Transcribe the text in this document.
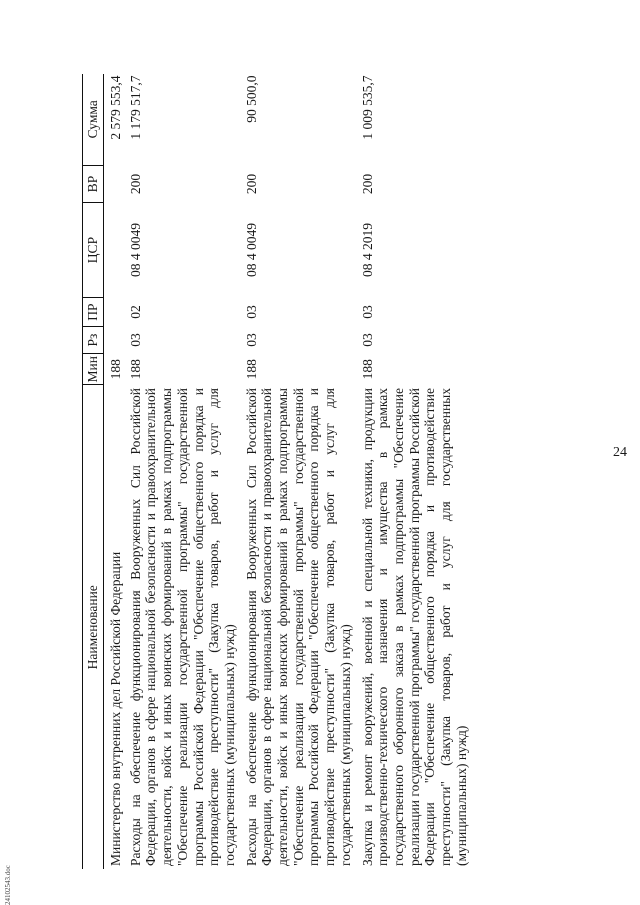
24102543.doc
24
Наименование	Мин	Рз	ПР	ЦСР	ВР	Сумма
Министерство внутренних дел Российской Федерации	188					2 579 553,4
Расходы на обеспечение функционирования Вооруженных Сил Российской Федерации, органов в сфере национальной безопасности и правоохранительной деятельности, войск и иных воинских формирований в рамках подпрограммы "Обеспечение реализации государственной программы" государственной программы Российской Федерации "Обеспечение общественного порядка и противодействие преступности" (Закупка товаров, работ и услуг для государственных (муниципальных) нужд)	188	03	02	08 4 0049	200	1 179 517,7

Расходы на обеспечение функционирования Вооруженных Сил Российской Федерации, органов в сфере национальной безопасности и правоохранительной деятельности, войск и иных воинских формирований в рамках подпрограммы "Обеспечение реализации государственной программы" государственной программы Российской Федерации "Обеспечение общественного порядка и противодействие преступности" (Закупка товаров, работ и услуг для государственных (муниципальных) нужд)	188	03	03	08 4 0049	200	90 500,0

Закупка и ремонт вооружений, военной и специальной техники, продукции производственно-технического назначения и имущества в рамках государственного оборонного заказа в рамках подпрограммы "Обеспечение реализации государственной программы" государственной программы Российской Федерации "Обеспечение общественного порядка и противодействие преступности" (Закупка товаров, работ и услуг для государственных (муниципальных) нужд)	188	03	03	08 4 2019	200	1 009 535,7
